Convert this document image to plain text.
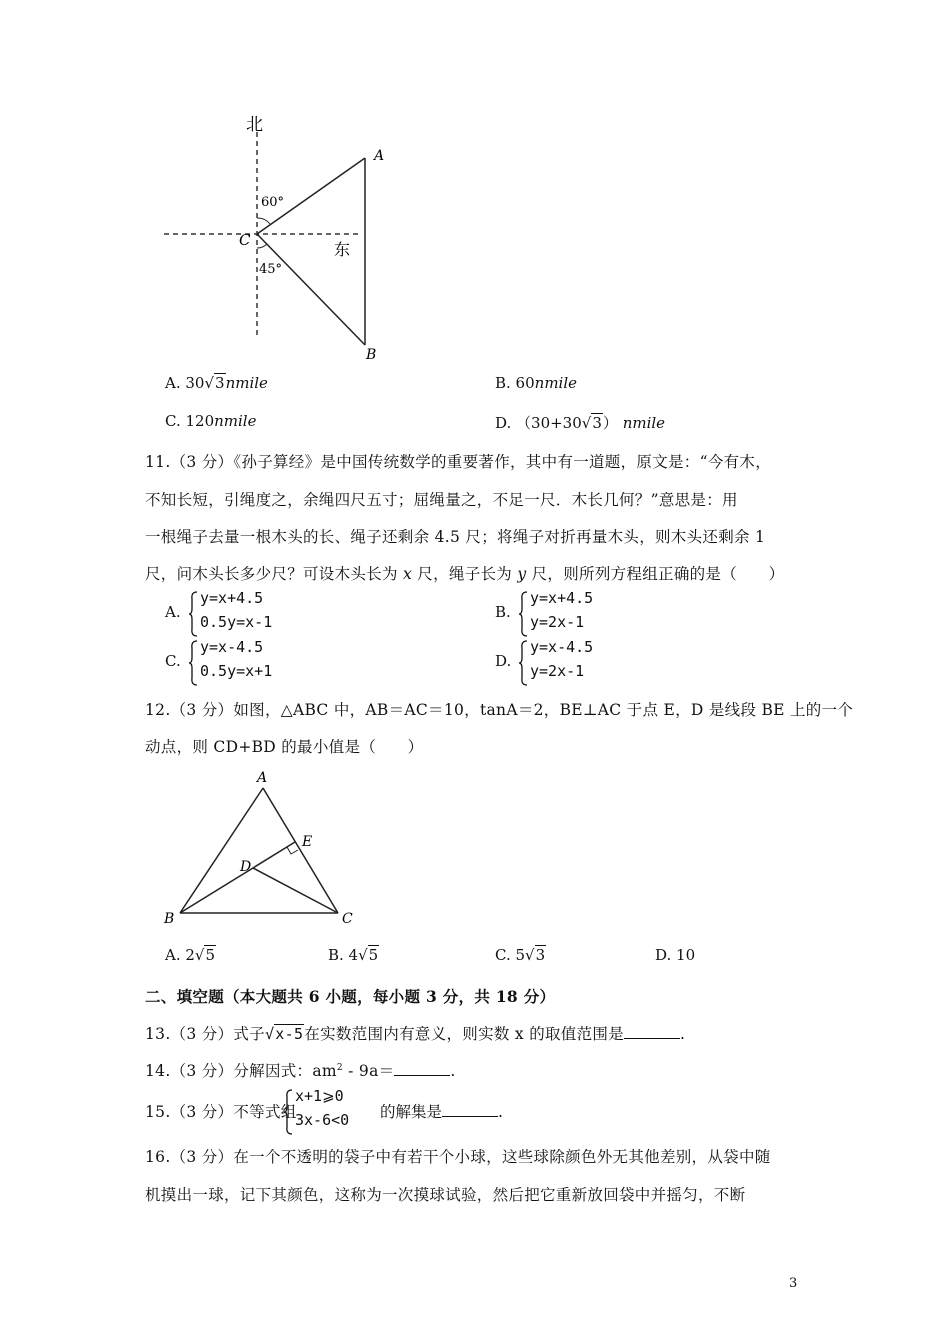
北
60°
C	东
45°
A
B
A. 30√3nmile	B. 60nmile
C. 120nmile	D. （30+30√3） nmile
11.（3 分）《孙子算经》是中国传统数学的重要著作，其中有一道题，原文是：“今有木，
不知长短，引绳度之，余绳四尺五寸；屈绳量之，不足一尺．木长几何？”意思是：用
一根绳子去量一根木头的长、绳子还剩余 4.5 尺；将绳子对折再量木头，则木头还剩余 1
尺，问木头长多少尺？可设木头长为 x 尺，绳子长为 y 尺，则所列方程组正确的是（　　）
A.
y=x+4.5
0.5y=x-1
B.
y=x+4.5
y=2x-1
C.
y=x-4.5
0.5y=x+1
D.
y=x-4.5
y=2x-1
12.（3 分）如图，△ABC 中，AB＝AC＝10，tanA＝2，BE⊥AC 于点 E，D 是线段 BE 上的一个
动点，则 CD+BD 的最小值是（　　）
A
E
D
B	C
A. 2√5	B. 4√5	C. 5√3	D. 10
二、填空题（本大题共 6 小题，每小题 3 分，共 18 分）
13.（3 分）式子√x-5在实数范围内有意义，则实数 x 的取值范围是	.
14.（3 分）分解因式：$am^2 - 9a=$	.
15.（3 分）不等式组
x+1⩾0
3x-6<0 的解集是	.
16.（3 分）在一个不透明的袋子中有若干个小球，这些球除颜色外无其他差别，从袋中随
机摸出一球，记下其颜色，这称为一次摸球试验，然后把它重新放回袋中并摇匀，不断
3
